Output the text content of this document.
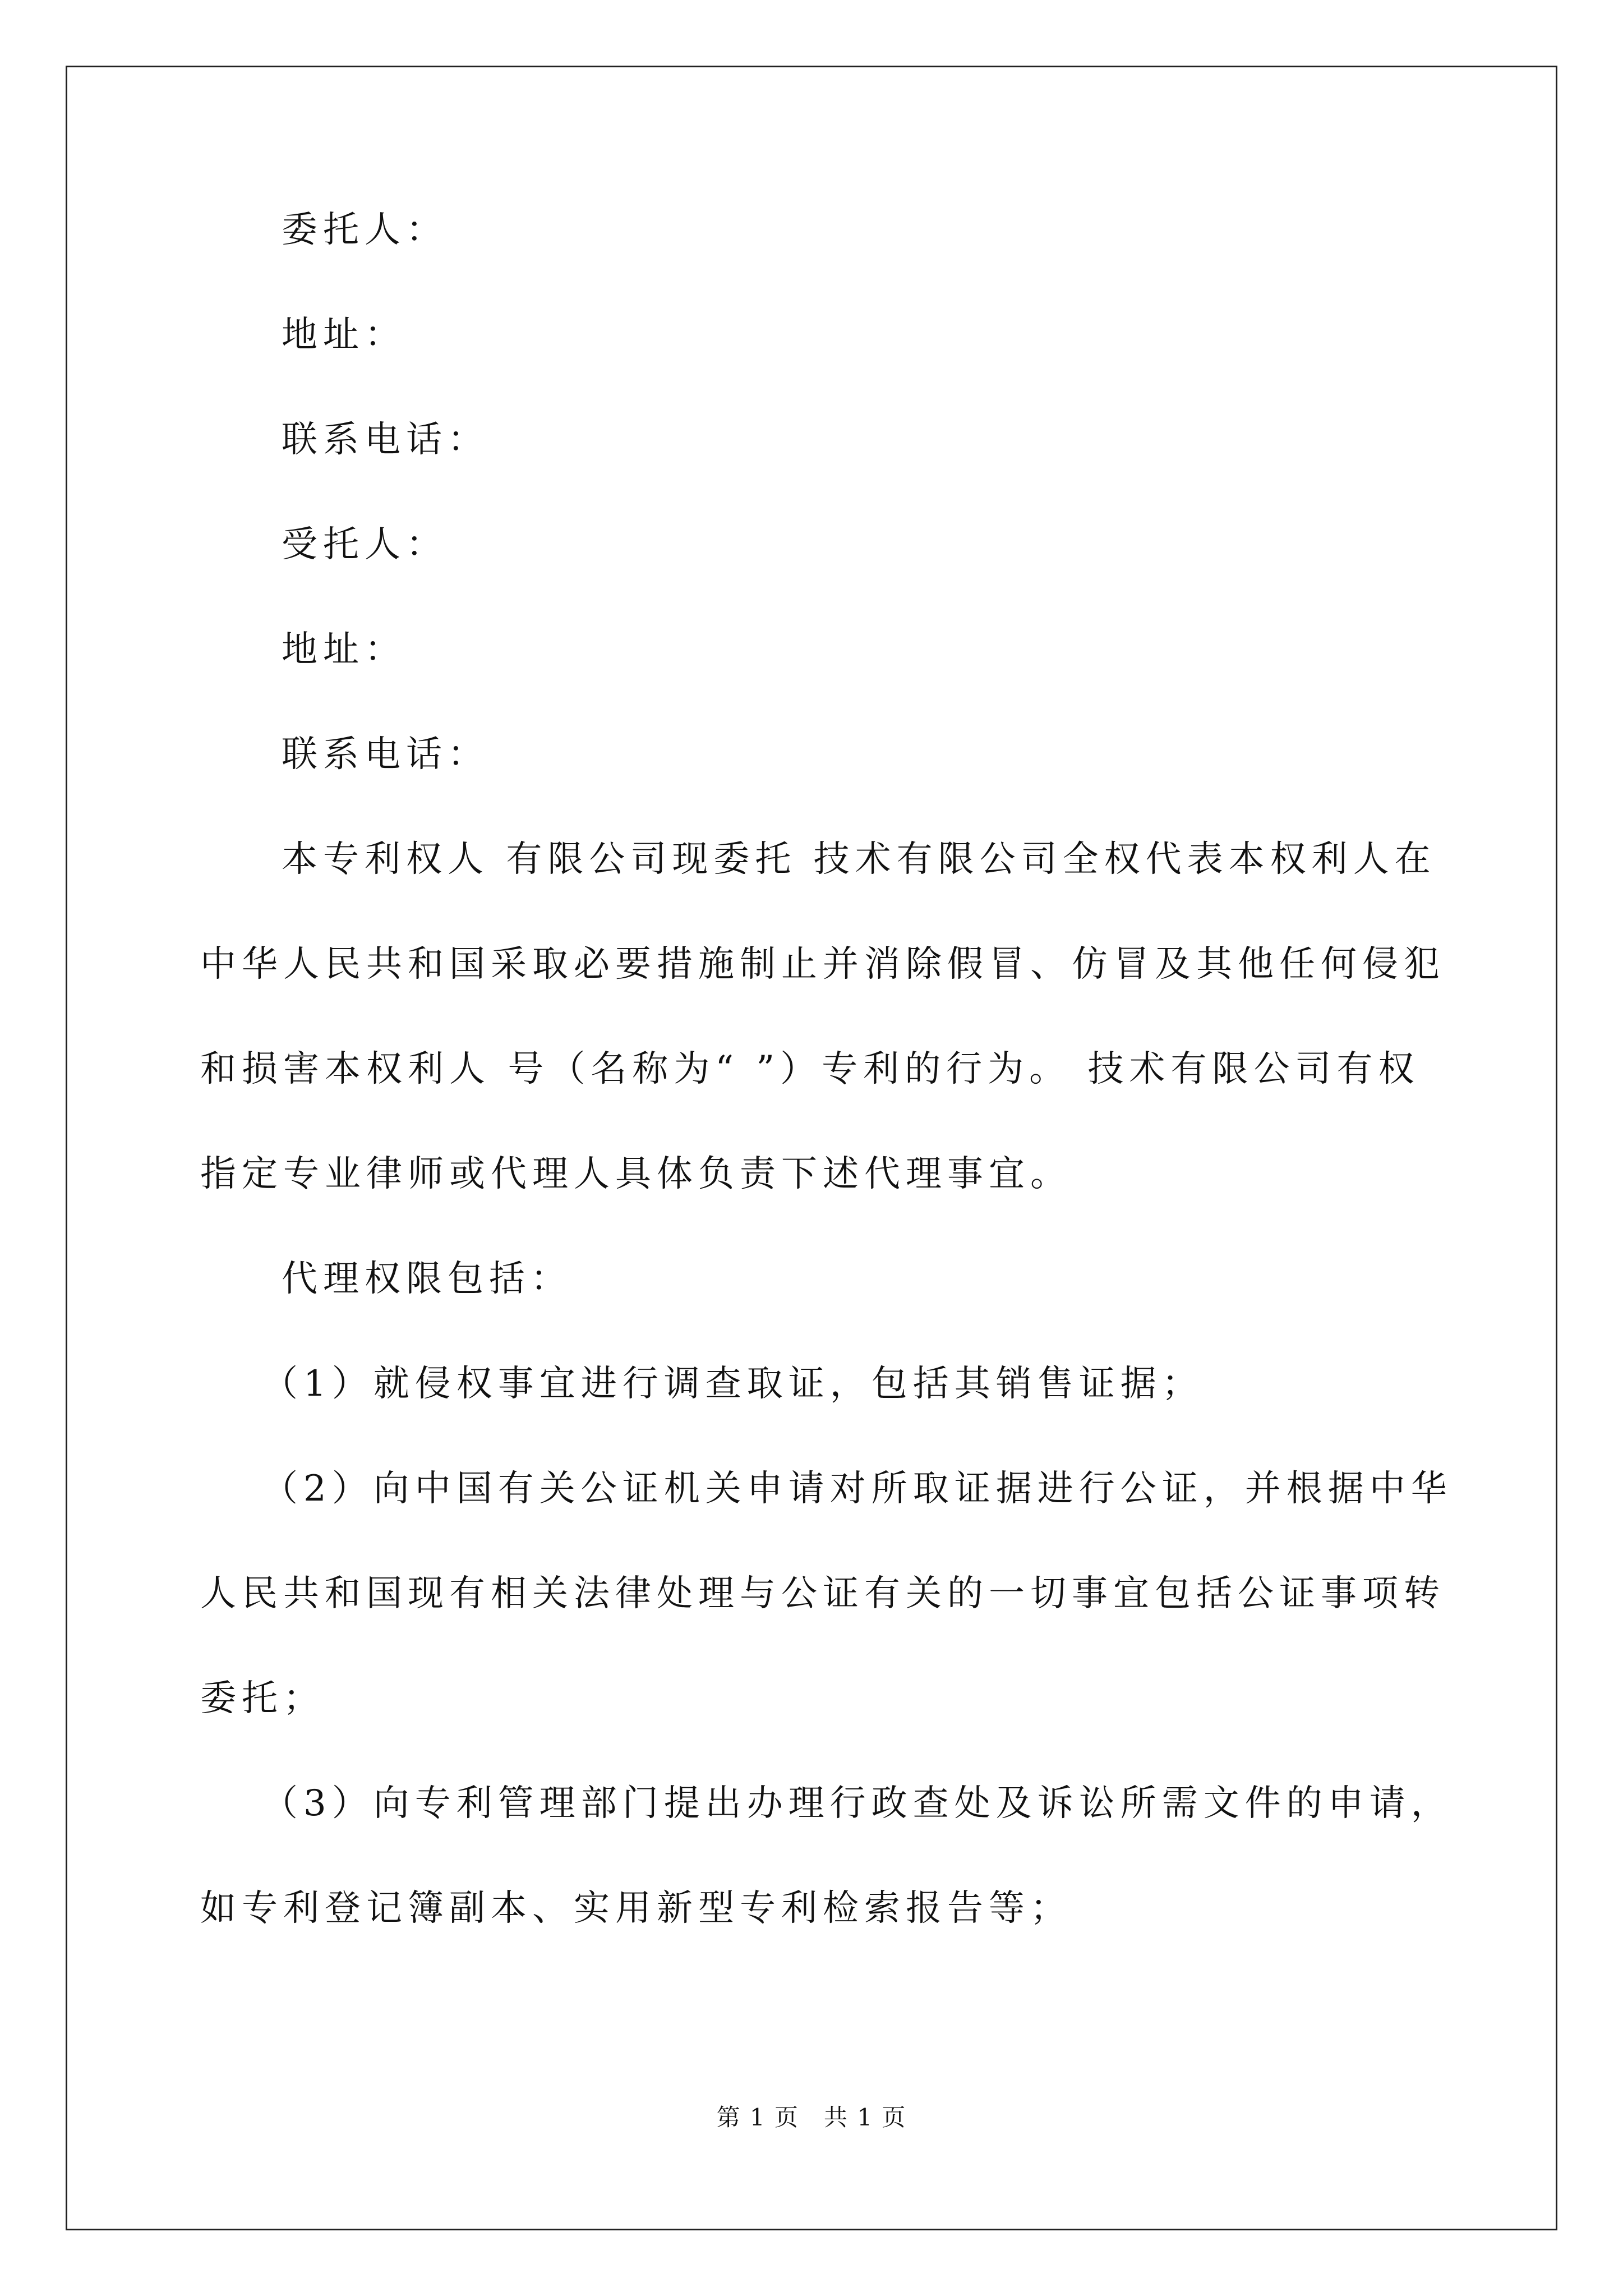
委托人：
地址：
联系电话：
受托人：
地址：
联系电话：
本专利权人 有限公司现委托 技术有限公司全权代表本权利人在
中华人民共和国采取必要措施制止并消除假冒、仿冒及其他任何侵犯
和损害本权利人 号（名称为“ ”）专利的行为。 技术有限公司有权
指定专业律师或代理人具体负责下述代理事宜。
代理权限包括：
（1）就侵权事宜进行调查取证，包括其销售证据；
（2）向中国有关公证机关申请对所取证据进行公证，并根据中华
人民共和国现有相关法律处理与公证有关的一切事宜包括公证事项转
委托；
（3）向专利管理部门提出办理行政查处及诉讼所需文件的申请，
如专利登记簿副本、实用新型专利检索报告等；
第 1 页　共 1 页
